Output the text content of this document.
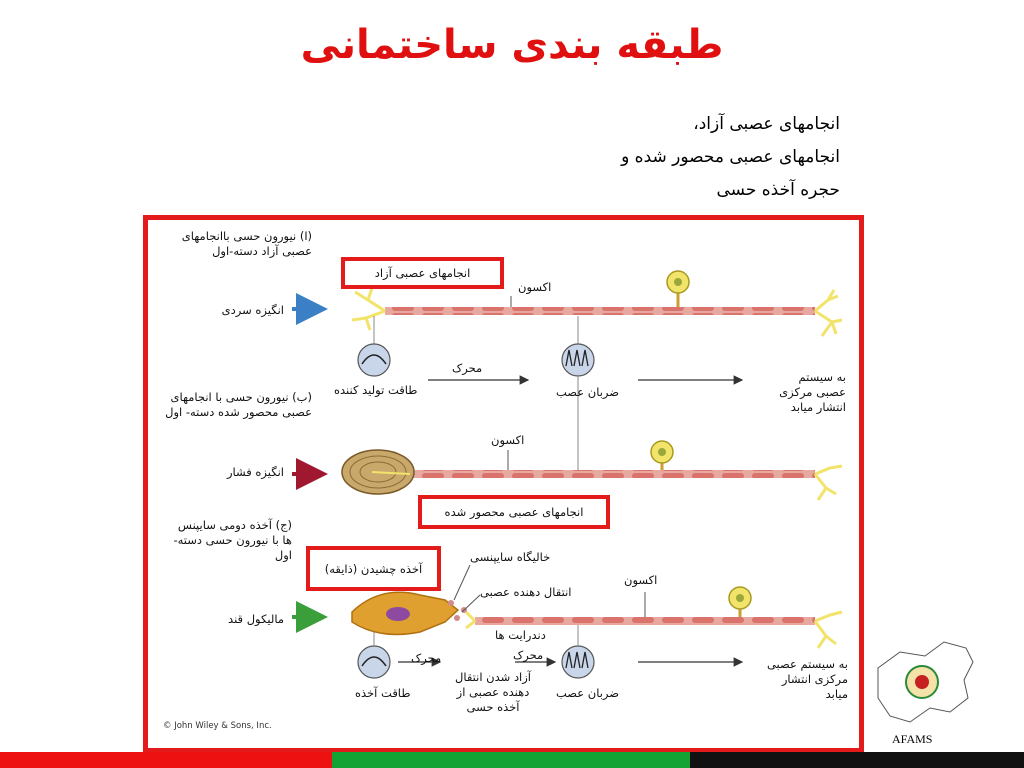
طبقه بندی ساختمانی
انجامهای عصبی آزاد،
انجامهای عصبی محصور شده و
حجره آخذه حسی
انجامهای عصبی آزاد
انجامهای عصبی محصور شده
آخذه چشیدن (ذایقه)
(ا) نیورون حسی باانجامهای عصبی آزاد دسته-اول
انگیزه سردی
اکسون
طاقت تولید کننده
محرک
ضربان عصب
به سیستم عصبی مرکزی انتشار میابد
(ب) نیورون حسی با انجامهای عصبی محصور شده دسته- اول
اکسون
انگیزه فشار
(ج) آخذه دومی سایپنس ها با نیورون حسی دسته-اول	خالیگاه سایپنسی
اکسون
انتقال دهنده عصبی
مالیکول قند
دندرایت ها
محرک	محرک
طاقت آخذه
آزاد شدن انتقال دهنده عصبی از آخذه حسی
ضربان عصب
به سیستم عصبی مرکزی انتشار میابد
© John Wiley & Sons, Inc.
AFAMS
